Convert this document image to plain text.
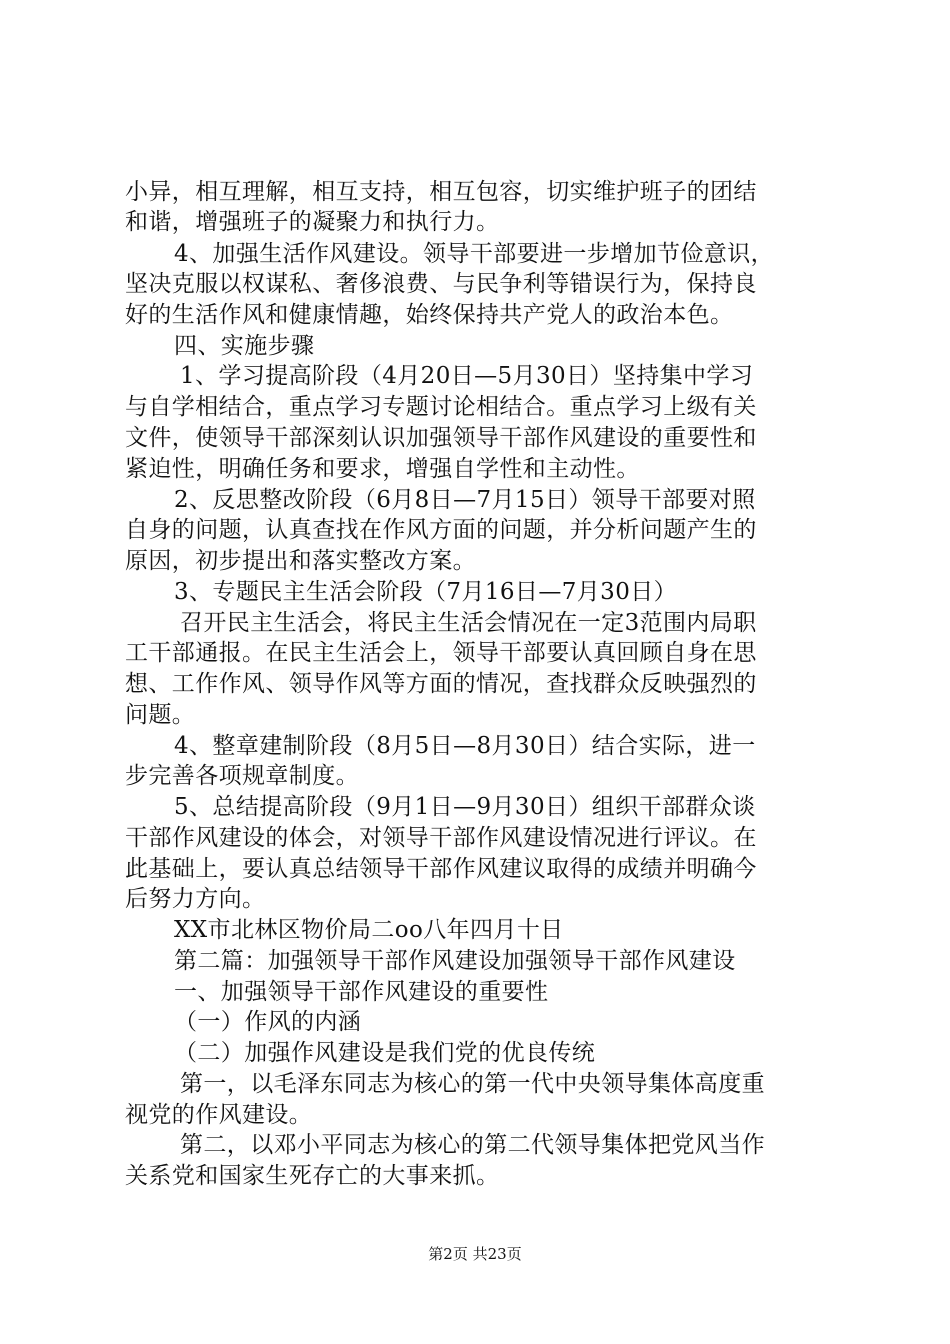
小异，相互理解，相互支持，相互包容，切实维护班子的团结
和谐，增强班子的凝聚力和执行力。
4、加强生活作风建设。领导干部要进一步增加节俭意识，
坚决克服以权谋私、奢侈浪费、与民争利等错误行为，保持良
好的生活作风和健康情趣，始终保持共产党人的政治本色。
四、实施步骤
1、学习提高阶段（4月20日—5月30日）坚持集中学习
与自学相结合，重点学习专题讨论相结合。重点学习上级有关
文件，使领导干部深刻认识加强领导干部作风建设的重要性和
紧迫性，明确任务和要求，增强自学性和主动性。
2、反思整改阶段（6月8日—7月15日）领导干部要对照
自身的问题，认真查找在作风方面的问题，并分析问题产生的
原因，初步提出和落实整改方案。
3、专题民主生活会阶段（7月16日—7月30日）
召开民主生活会，将民主生活会情况在一定3范围内局职
工干部通报。在民主生活会上，领导干部要认真回顾自身在思
想、工作作风、领导作风等方面的情况，查找群众反映强烈的
问题。
4、整章建制阶段（8月5日—8月30日）结合实际，进一
步完善各项规章制度。
5、总结提高阶段（9月1日—9月30日）组织干部群众谈
干部作风建设的体会，对领导干部作风建设情况进行评议。在
此基础上，要认真总结领导干部作风建议取得的成绩并明确今
后努力方向。
XX市北林区物价局二oo八年四月十日
第二篇：加强领导干部作风建设加强领导干部作风建设
一、加强领导干部作风建设的重要性
（一）作风的内涵
（二）加强作风建设是我们党的优良传统
第一，以毛泽东同志为核心的第一代中央领导集体高度重
视党的作风建设。
第二，以邓小平同志为核心的第二代领导集体把党风当作
关系党和国家生死存亡的大事来抓。
第2页 共23页
